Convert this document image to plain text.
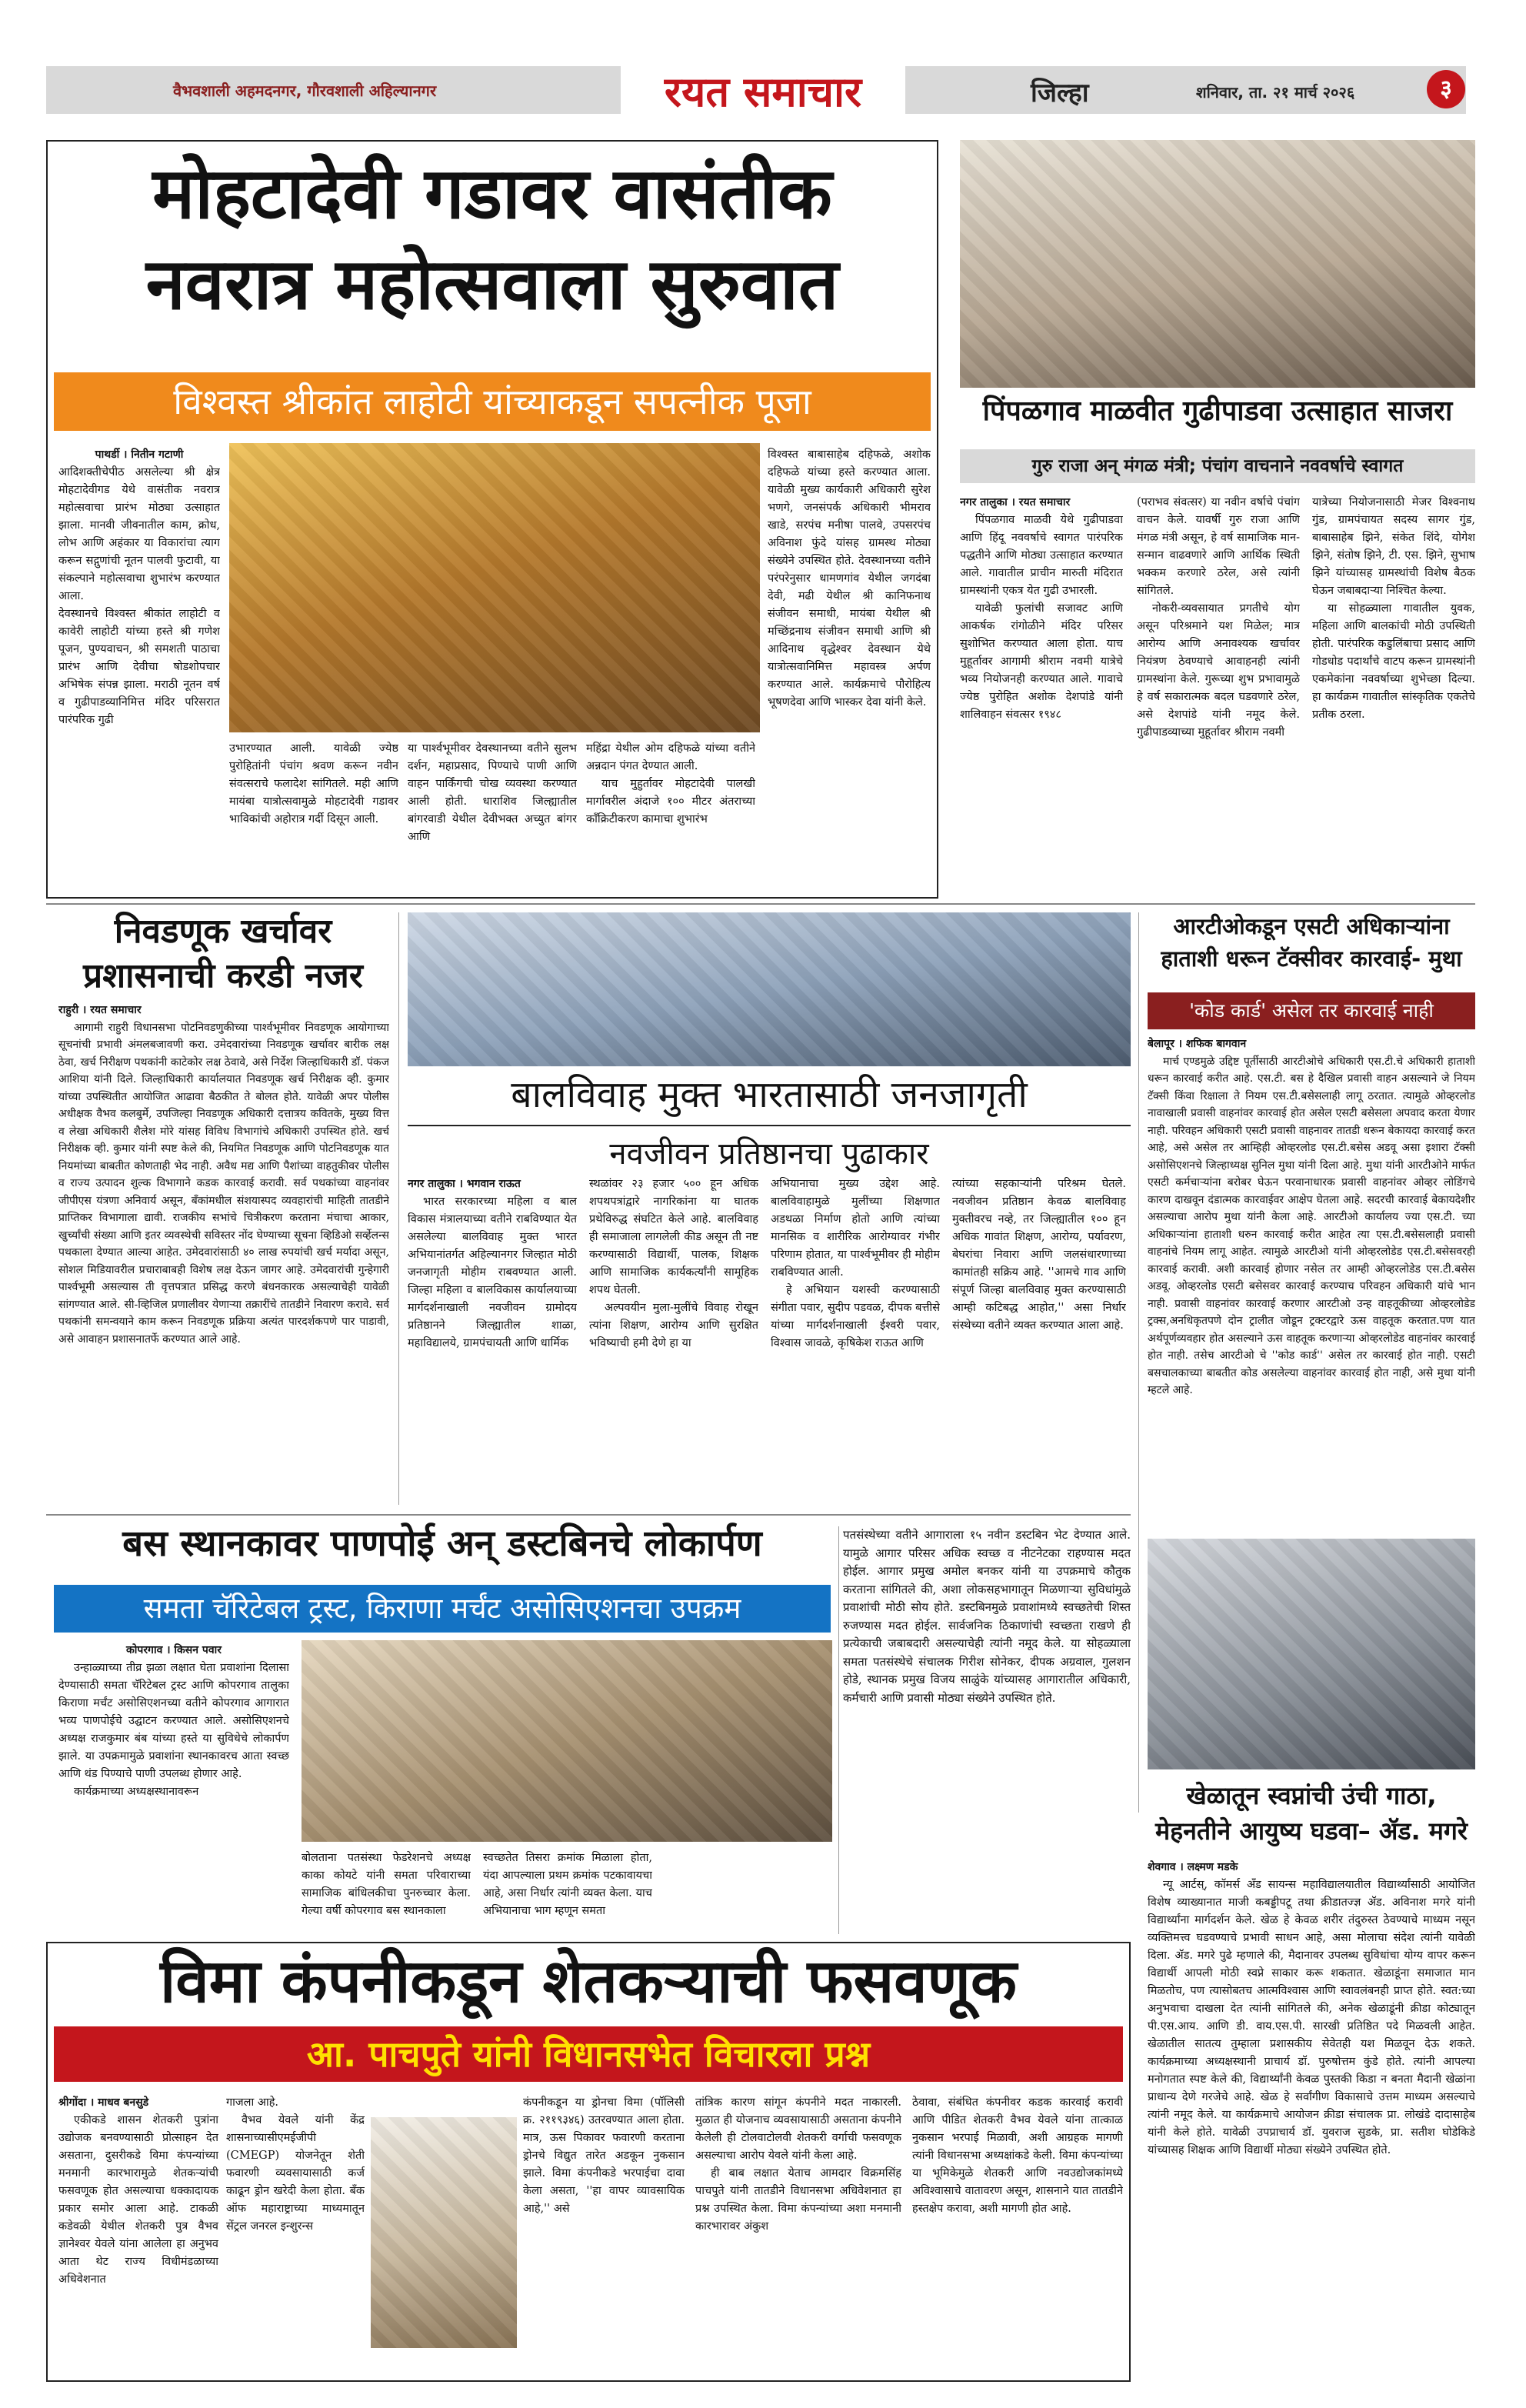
वैभवशाली अहमदनगर, गौरवशाली अहिल्यानगर	रयत समाचार	जिल्हा	शनिवार, ता. २१ मार्च २०२६	३
मोहटादेवी गडावर वासंतीक
नवरात्र महोत्सवाला सुरुवात
विश्वस्त श्रीकांत लाहोटी यांच्याकडून सपत्नीक पूजा
पाथर्डी । नितीन गटाणी

आदिशक्तीचेपीठ असलेल्या श्री क्षेत्र मोहटादेवीगड येथे वासंतीक नवरात्र महोत्सवाचा प्रारंभ मोठ्या उत्साहात झाला. मानवी जीवनातील काम, क्रोध, लोभ आणि अहंकार या विकारांचा त्याग करून सद्गुणांची नूतन पालवी फुटावी, या संकल्पाने महोत्सवाचा शुभारंभ करण्यात आला.

देवस्थानचे विश्वस्त श्रीकांत लाहोटी व कावेरी लाहोटी यांच्या हस्ते श्री गणेश पूजन, पुण्यवाचन, श्री समशती पाठाचा प्रारंभ आणि देवीचा षोडशोपचार अभिषेक संपन्न झाला. मराठी नूतन वर्ष व गुढीपाडव्यानिमित्त मंदिर परिसरात पारंपरिक गुढी

उभारण्यात आली. यावेळी ज्येष्ठ पुरोहितांनी पंचांग श्रवण करून नवीन संवत्सराचे फलादेश सांगितले. मही आणि मायंबा यात्रोत्सवामुळे मोहटादेवी गडावर भाविकांची अहोरात्र गर्दी दिसून आली.
या पार्श्वभूमीवर देवस्थानच्या वतीने सुलभ दर्शन, महाप्रसाद, पिण्याचे पाणी आणि वाहन पार्किंगची चोख व्यवस्था करण्यात आली होती. धाराशिव जिल्ह्यातील बांगरवाडी येथील देवीभक्त अच्युत बांगर आणि

महिंद्रा येथील ओम दहिफळे यांच्या वतीने अन्नदान पंगत देण्यात आली.

याच मुहुर्तावर मोहटादेवी पालखी मार्गावरील अंदाजे १०० मीटर अंतराच्या काँक्रिटीकरण कामाचा शुभारंभ

विश्वस्त बाबासाहेब दहिफळे, अशोक दहिफळे यांच्या हस्ते करण्यात आला. यावेळी मुख्य कार्यकारी अधिकारी सुरेश भणगे, जनसंपर्क अधिकारी भीमराव खाडे, सरपंच मनीषा पालवे, उपसरपंच अविनाश फुंदे यांसह ग्रामस्थ मोठ्या संख्येने उपस्थित होते. देवस्थानच्या वतीने परंपरेनुसार धामणगांव येथील जगदंबा देवी, मढी येथील श्री कानिफनाथ संजीवन समाधी, मायंबा येथील श्री मच्छिंद्रनाथ संजीवन समाधी आणि श्री आदिनाथ वृद्धेश्वर देवस्थान येथे यात्रोत्सवानिमित्त महावस्त्र अर्पण करण्यात आले. कार्यक्रमाचे पौरोहित्य भूषणदेवा आणि भास्कर देवा यांनी केले.
पिंपळगाव माळवीत गुढीपाडवा उत्साहात साजरा
गुरु राजा अन् मंगळ मंत्री; पंचांग वाचनाने नववर्षाचे स्वागत
नगर तालुका । रयत समाचार

पिंपळगाव माळवी येथे गुढीपाडवा आणि हिंदू नववर्षाचे स्वागत पारंपरिक पद्धतीने आणि मोठ्या उत्साहात करण्यात आले. गावातील प्राचीन मारुती मंदिरात ग्रामस्थांनी एकत्र येत गुढी उभारली.

यावेळी फुलांची सजावट आणि आकर्षक रांगोळीने मंदिर परिसर सुशोभित करण्यात आला होता. याच मुहूर्तावर आगामी श्रीराम नवमी यात्रेचे भव्य नियोजनही करण्यात आले. गावाचे ज्येष्ठ पुरोहित अशोक देशपांडे यांनी शालिवाहन संवत्सर १९४८

(पराभव संवत्सर) या नवीन वर्षाचे पंचांग वाचन केले. यावर्षी गुरु राजा आणि मंगळ मंत्री असून, हे वर्ष सामाजिक मान-सन्मान वाढवणारे आणि आर्थिक स्थिती भक्कम करणारे ठरेल, असे त्यांनी सांगितले.

नोकरी-व्यवसायात प्रगतीचे योग असून परिश्रमाने यश मिळेल; मात्र आरोग्य आणि अनावश्यक खर्चावर नियंत्रण ठेवण्याचे आवाहनही त्यांनी ग्रामस्थांना केले. गुरूच्या शुभ प्रभावामुळे हे वर्ष सकारात्मक बदल घडवणारे ठरेल, असे देशपांडे यांनी नमूद केले. गुढीपाडव्याच्या मुहूर्तावर श्रीराम नवमी

यात्रेच्या नियोजनासाठी मेजर विश्वनाथ गुंड, ग्रामपंचायत सदस्य सागर गुंड, बाबासाहेब झिने, संकेत शिंदे, योगेश झिने, संतोष झिने, टी. एस. झिने, सुभाष झिने यांच्यासह ग्रामस्थांची विशेष बैठक घेऊन जबाबदाऱ्या निश्चित केल्या.

या सोहळ्याला गावातील युवक, महिला आणि बालकांची मोठी उपस्थिती होती. पारंपरिक कडुलिंबाचा प्रसाद आणि गोडधोड पदार्थांचे वाटप करून ग्रामस्थांनी एकमेकांना नववर्षाच्या शुभेच्छा दिल्या. हा कार्यक्रम गावातील सांस्कृतिक एकतेचे प्रतीक ठरला.

निवडणूक खर्चावर
प्रशासनाची करडी नजर
राहुरी । रयत समाचार

आगामी राहुरी विधानसभा पोटनिवडणुकीच्या पार्श्वभूमीवर निवडणूक आयोगाच्या सूचनांची प्रभावी अंमलबजावणी करा. उमेदवारांच्या निवडणूक खर्चावर बारीक लक्ष ठेवा, खर्च निरीक्षण पथकांनी काटेकोर लक्ष ठेवावे, असे निर्देश जिल्हाधिकारी डॉ. पंकज आशिया यांनी दिले. जिल्हाधिकारी कार्यालयात निवडणूक खर्च निरीक्षक व्ही. कुमार यांच्या उपस्थितीत आयोजित आढावा बैठकीत ते बोलत होते. यावेळी अपर पोलीस अधीक्षक वैभव कलबुर्मे, उपजिल्हा निवडणूक अधिकारी दत्तात्रय कवितके, मुख्य वित्त व लेखा अधिकारी शैलेश मोरे यांसह विविध विभागांचे अधिकारी उपस्थित होते. खर्च निरीक्षक व्ही. कुमार यांनी स्पष्ट केले की, नियमित निवडणूक आणि पोटनिवडणूक यात नियमांच्या बाबतीत कोणताही भेद नाही. अवैध मद्य आणि पैशांच्या वाहतुकीवर पोलीस व राज्य उत्पादन शुल्क विभागाने कडक कारवाई करावी. सर्व पथकांच्या वाहनांवर जीपीएस यंत्रणा अनिवार्य असून, बँकांमधील संशयास्पद व्यवहारांची माहिती तातडीने प्राप्तिकर विभागाला द्यावी. राजकीय सभांचे चित्रीकरण करताना मंचाचा आकार, खुर्च्यांची संख्या आणि इतर व्यवस्थेची सविस्तर नोंद घेण्याच्या सूचना व्हिडिओ सर्व्हेलन्स पथकाला देण्यात आल्या आहेत. उमेदवारांसाठी ४० लाख रुपयांची खर्च मर्यादा असून, सोशल मिडियावरील प्रचाराबाबही विशेष लक्ष देऊन जागर आहे. उमेदवारांची गुन्हेगारी पार्श्वभूमी असल्यास ती वृत्तपत्रात प्रसिद्ध करणे बंधनकारक असल्याचेही यावेळी सांगण्यात आले. सी-व्हिजिल प्रणालीवर येणाऱ्या तक्रारींचे तातडीने निवारण करावे. सर्व पथकांनी समन्वयाने काम करून निवडणूक प्रक्रिया अत्यंत पारदर्शकपणे पार पाडावी, असे आवाहन प्रशासनातर्फे करण्यात आले आहे.

बालविवाह मुक्त भारतासाठी जनजागृती
नवजीवन प्रतिष्ठानचा पुढाकार
नगर तालुका । भगवान राऊत

भारत सरकारच्या महिला व बाल विकास मंत्रालयाच्या वतीने राबविण्यात येत असलेल्या बालविवाह मुक्त भारत अभियानांतर्गत अहिल्यानगर जिल्हात मोठी जनजागृती मोहीम राबवण्यात आली. जिल्हा महिला व बालविकास कार्यालयाच्या मार्गदर्शनाखाली नवजीवन ग्रामोदय प्रतिष्ठानने जिल्ह्यातील शाळा, महाविद्यालये, ग्रामपंचायती आणि धार्मिक

स्थळांवर २३ हजार ५०० हून अधिक शपथपत्रांद्वारे नागरिकांना या घातक प्रथेविरुद्ध संघटित केले आहे. बालविवाह ही समाजाला लागलेली कीड असून ती नष्ट करण्यासाठी विद्यार्थी, पालक, शिक्षक आणि सामाजिक कार्यकर्त्यांनी सामूहिक शपथ घेतली.

अल्पवयीन मुला-मुलींचे विवाह रोखून त्यांना शिक्षण, आरोग्य आणि सुरक्षित भविष्याची हमी देणे हा या

अभियानाचा मुख्य उद्देश आहे. बालविवाहामुळे मुलींच्या शिक्षणात अडथळा निर्माण होतो आणि त्यांच्या मानसिक व शारीरिक आरोग्यावर गंभीर परिणाम होतात, या पार्श्वभूमीवर ही मोहीम राबविण्यात आली.

हे अभियान यशस्वी करण्यासाठी संगीता पवार, सुदीप पडवळ, दीपक बत्तीसे यांच्या मार्गदर्शनाखाली ईश्वरी पवार, विश्वास जावळे, कृषिकेश राऊत आणि

त्यांच्या सहकाऱ्यांनी परिश्रम घेतले. नवजीवन प्रतिष्ठान केवळ बालविवाह मुक्तीवरच नव्हे, तर जिल्ह्यातील १०० हून अधिक गावांत शिक्षण, आरोग्य, पर्यावरण, बेघरांचा निवारा आणि जलसंधारणाच्या कामांतही सक्रिय आहे. ''आमचे गाव आणि संपूर्ण जिल्हा बालविवाह मुक्त करण्यासाठी आम्ही कटिबद्ध आहोत,'' असा निर्धार संस्थेच्या वतीने व्यक्त करण्यात आला आहे.
आरटीओकडून एसटी अधिकाऱ्यांना
हाताशी धरून टॅक्सीवर कारवाई- मुथा
'कोड कार्ड' असेल तर कारवाई नाही
बेलापूर । शफिक बागवान

मार्च एण्डमुळे उद्दिष्ट पूर्तीसाठी आरटीओचे अधिकारी एस.टी.चे अधिकारी हाताशी धरून कारवाई करीत आहे. एस.टी. बस हे दैखिल प्रवासी वाहन असल्याने जे नियम टॅक्सी किंवा रिक्षाला ते नियम एस.टी.बसेसलाही लागू ठरतात. त्यामुळे ओव्हरलोड नावाखाली प्रवासी वाहनांवर कारवाई होत असेल एसटी बसेसला अपवाद करता येणार नाही. परिवहन अधिकारी एसटी प्रवासी वाहनावर तातडी धरून बेकायदा कारवाई करत आहे, असे असेल तर आम्हिही ओव्हरलोड एस.टी.बसेस अडवू असा इशारा टॅक्सी असोसिएशनचे जिल्हाध्यक्ष सुनिल मुथा यांनी दिला आहे. मुथा यांनी आरटीओने मार्फत एसटी कर्मचाऱ्यांना बरोबर घेऊन परवानाधारक प्रवासी वाहनांवर ओव्हर लोडिंगचे कारण दाखवून दंडात्मक कारवाईवर आक्षेप घेतला आहे. सदरची कारवाई बेकायदेशीर असल्याचा आरोप मुथा यांनी केला आहे. आरटीओ कार्यालय ज्या एस.टी. च्या अधिकाऱ्यांना हाताशी धरुन कारवाई करीत आहेत त्या एस.टी.बसेसलाही प्रवासी वाहनांचे नियम लागू आहेत. त्यामुळे आरटीओ यांनी ओव्हरलोडेड एस.टी.बसेसवरही कारवाई करावी. अशी कारवाई होणार नसेल तर आम्ही ओव्हरलोडेड एस.टी.बसेस अडवू. ओव्हरलोड एसटी बसेसवर कारवाई करण्याच परिवहन अधिकारी यांचे भान नाही. प्रवासी वाहनांवर कारवाई करणार आरटीओ उन्ह वाहतूकीच्या ओव्हरलोडेड ट्रक्स,अनधिकृतपणे दोन ट्रालीत जाेडून ट्रक्टरद्वारे ऊस वाहतूक करतात.पण यात अर्थपूर्णव्यवहार होत असल्याने ऊस वाहतूक करणाऱ्या ओव्हरलोडेड वाहनांवर कारवाई होत नाही. तसेच आरटीओ चे ''कोड कार्ड'' असेल तर कारवाई होत नाही. एसटी बसचालकाच्या बाबतीत कोड असलेल्या वाहनांवर कारवाई होत नाही, असे मुथा यांनी म्हटले आहे.

बस स्थानकावर पाणपोई अन् डस्टबिनचे लोकार्पण
समता चॅरिटेबल ट्रस्ट, किराणा मर्चंट असोसिएशनचा उपक्रम
कोपरगाव । किसन पवार

उन्हाळ्याच्या तीव्र झळा लक्षात घेता प्रवाशांना दिलासा देण्यासाठी समता चॅरिटेबल ट्रस्ट आणि कोपरगाव तालुका किराणा मर्चंट असोसिएशनच्या वतीने कोपरगाव आगारात भव्य पाणपोईचे उद्घाटन करण्यात आले. असोसिएशनचे अध्यक्ष राजकुमार बंब यांच्या हस्ते या सुविधेचे लोकार्पण झाले. या उपक्रमामुळे प्रवाशांना स्थानकावरच आता स्वच्छ आणि थंड पिण्याचे पाणी उपलब्ध होणार आहे.

कार्यक्रमाच्या अध्यक्षस्थानावरून

बोलताना पतसंस्था फेडरेशनचे अध्यक्ष काका कोयटे यांनी समता परिवाराच्या सामाजिक बांधिलकीचा पुनरुच्चार केला. गेल्या वर्षी कोपरगाव बस स्थानकाला
स्वच्छतेत तिसरा क्रमांक मिळाला होता, यंदा आपल्याला प्रथम क्रमांक पटकावायचा आहे, असा निर्धार त्यांनी व्यक्त केला. याच अभियानाचा भाग म्हणून समता
पतसंस्थेच्या वतीने आगाराला १५ नवीन डस्टबिन भेट देण्यात आले. यामुळे आगार परिसर अधिक स्वच्छ व नीटनेटका राहण्यास मदत होईल. आगार प्रमुख अमोल बनकर यांनी या उपक्रमाचे कौतुक करताना सांगितले की, अशा लोकसहभागातून मिळणाऱ्या सुविधांमुळे प्रवाशांची मोठी सोय होते. डस्टबिनमुळे प्रवाशांमध्ये स्वच्छतेची शिस्त रुजण्यास मदत होईल. सार्वजनिक ठिकाणांची स्वच्छता राखणे ही प्रत्येकाची जबाबदारी असल्याचेही त्यांनी नमूद केले. या सोहळ्याला समता पतसंस्थेचे संचालक गिरीश सोनेकर, दीपक अग्रवाल, गुलशन होडे, स्थानक प्रमुख विजय साळुंके यांच्यासह आगारातील अधिकारी, कर्मचारी आणि प्रवासी मोठ्या संख्येने उपस्थित होते.
खेळातून स्वप्नांची उंची गाठा,
मेहनतीने आयुष्य घडवा– ॲड. मगरे
शेवगाव । लक्ष्मण मडके

न्यू आर्टस्, कॉमर्स अँड सायन्स महाविद्यालयातील विद्यार्थ्यांसाठी आयोजित विशेष व्याख्यानात माजी कबड्डीपटू तथा क्रीडातज्ज्ञ ॲड. अविनाश मगरे यांनी विद्यार्थ्यांना मार्गदर्शन केले. खेळ हे केवळ शरीर तंदुरुस्त ठेवण्याचे माध्यम नसून व्यक्तिमत्त्व घडवण्याचे प्रभावी साधन आहे, असा मोलाचा संदेश त्यांनी यावेळी दिला. ॲड. मगरे पुढे म्हणाले की, मैदानावर उपलब्ध सुविधांचा योग्य वापर करून विद्यार्थी आपली मोठी स्वप्ने साकार करू शकतात. खेळाडूंना समाजात मान मिळतोच, पण त्यासोबतच आत्मविश्वास आणि स्वावलंबनही प्राप्त होते. स्वत:च्या अनुभवाचा दाखला देत त्यांनी सांगितले की, अनेक खेळाडूंनी क्रीडा कोट्यातून पी.एस.आय. आणि डी. वाय.एस.पी. सारखी प्रतिष्ठित पदे मिळवली आहेत. खेळातील सातत्य तुम्हाला प्रशासकीय सेवेतही यश मिळवून देऊ शकते. कार्यक्रमाच्या अध्यक्षस्थानी प्राचार्य डॉ. पुरुषोत्तम कुंडे होते. त्यांनी आपल्या मनोगतात स्पष्ट केले की, विद्यार्थ्यांनी केवळ पुस्तकी किडा न बनता मैदानी खेळांना प्राधान्य देणे गरजेचे आहे. खेळ हे सर्वांगीण विकासाचे उत्तम माध्यम असल्याचे त्यांनी नमूद केले. या कार्यक्रमाचे आयोजन क्रीडा संचालक प्रा. लोखंडे दादासाहेब यांनी केले होते. यावेळी उपप्राचार्य डॉ. युवराज सुडके, प्रा. सतीश घोडेकिडे यांच्यासह शिक्षक आणि विद्यार्थी मोठ्या संख्येने उपस्थित होते.

विमा कंपनीकडून शेतकऱ्याची फसवणूक
आ. पाचपुते यांनी विधानसभेत विचारला प्रश्न
श्रीगोंदा । माधव बनसुडे

एकीकडे शासन शेतकरी पुत्रांना उद्योजक बनवण्यासाठी प्रोत्साहन देत असताना, दुसरीकडे विमा कंपन्यांच्या मनमानी कारभारामुळे शेतकऱ्यांची फसवणूक होत असल्याचा धक्कादायक प्रकार समोर आला आहे. टाकळी कडेवळी येथील शेतकरी पुत्र वैभव ज्ञानेश्वर येवले यांना आलेला हा अनुभव आता थेट राज्य विधीमंडळाच्या अधिवेशनात

गाजला आहे.

वैभव येवले यांनी केंद्र शासनाच्यासीएमईजीपी (CMEGP) योजनेतून शेती फवारणी व्यवसायासाठी कर्ज काढून ड्रोन खरेदी केला होता. बँक ऑफ महाराष्ट्राच्या माध्यमातून सेंट्रल जनरल इन्शुरन्स

कंपनीकडून या ड्रोनचा विमा (पॉलिसी क्र. २११९३४६) उतरवण्यात आला होता. मात्र, ऊस पिकावर फवारणी करताना ड्रोनचे विद्युत तारेत अडकून नुकसान झाले. विमा कंपनीकडे भरपाईचा दावा केला असता, ''हा वापर व्यावसायिक आहे,'' असे

तांत्रिक कारण सांगून कंपनीने मदत नाकारली. मुळात ही योजनाच व्यवसायासाठी असताना कंपनीने केलेली ही टोलवाटोलवी शेतकरी वर्गाची फसवणूक असल्याचा आरोप येवले यांनी केला आहे.

ही बाब लक्षात येताच आमदार विक्रमसिंह पाचपुते यांनी तातडीने विधानसभा अधिवेशनात हा प्रश्न उपस्थित केला. विमा कंपन्यांच्या अशा मनमानी कारभारावर अंकुश

ठेवावा, संबंधित कंपनीवर कडक कारवाई करावी आणि पीडित शेतकरी वैभव येवले यांना तात्काळ नुकसान भरपाई मिळावी, अशी आग्रहक मागणी त्यांनी विधानसभा अध्यक्षांकडे केली. विमा कंपन्यांच्या या भूमिकेमुळे शेतकरी आणि नवउद्योजकांमध्ये अविश्वासाचे वातावरण असून, शासनाने यात तातडीने हस्तक्षेप करावा, अशी मागणी होत आहे.
